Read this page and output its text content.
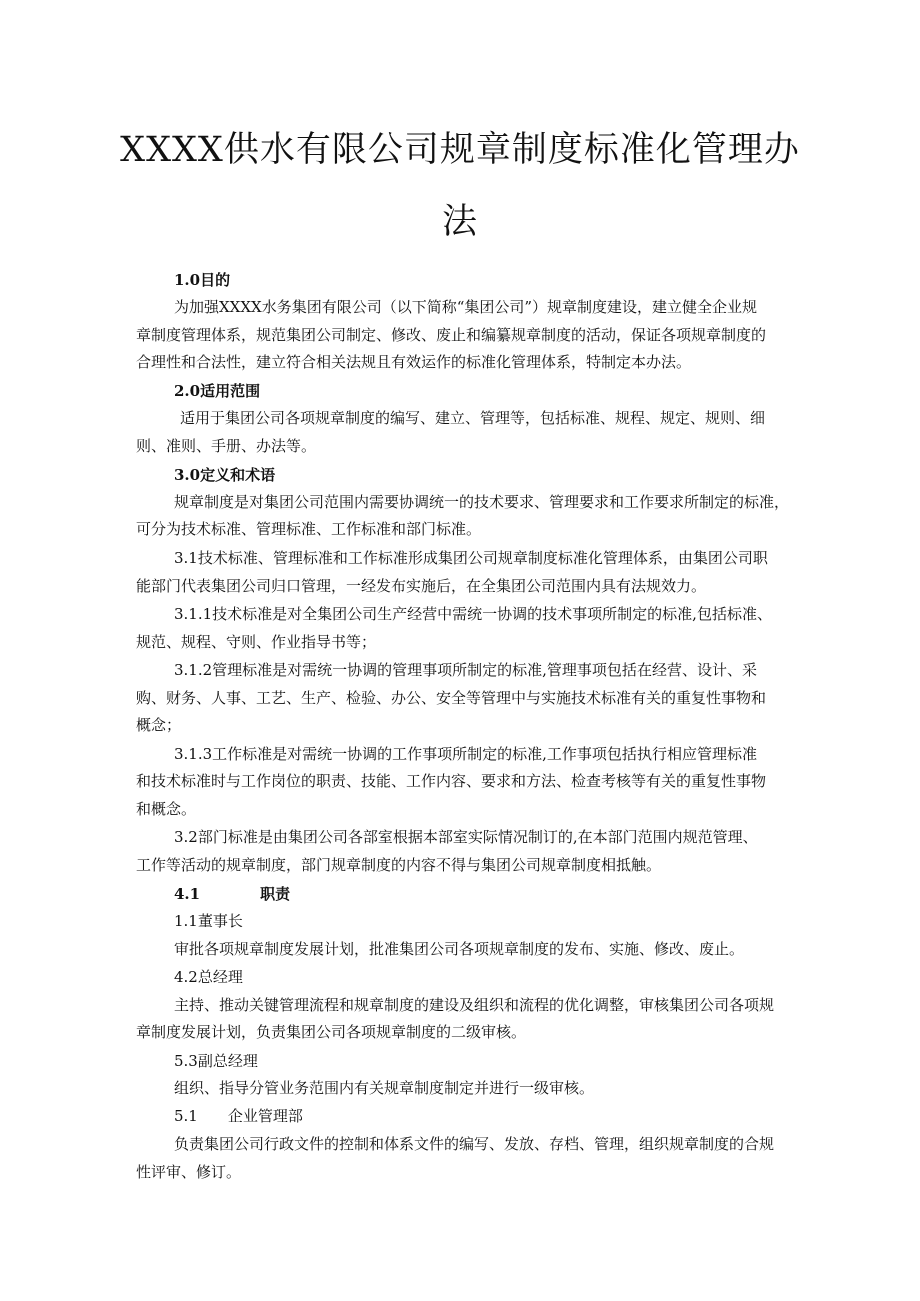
XXXX供水有限公司规章制度标准化管理办
法
1.0目的
为加强XXXX水务集团有限公司（以下简称“集团公司”）规章制度建设，建立健全企业规
章制度管理体系，规范集团公司制定、修改、废止和编纂规章制度的活动，保证各项规章制度的
合理性和合法性，建立符合相关法规且有效运作的标准化管理体系，特制定本办法。
2.0适用范围
适用于集团公司各项规章制度的编写、建立、管理等，包括标准、规程、规定、规则、细
则、准则、手册、办法等。
3.0定义和术语
规章制度是对集团公司范围内需要协调统一的技术要求、管理要求和工作要求所制定的标准，
可分为技术标准、管理标准、工作标准和部门标准。
3.1技术标准、管理标准和工作标准形成集团公司规章制度标准化管理体系，由集团公司职
能部门代表集团公司归口管理，一经发布实施后，在全集团公司范围内具有法规效力。
3.1.1技术标准是对全集团公司生产经营中需统一协调的技术事项所制定的标准,包括标准、
规范、规程、守则、作业指导书等；
3.1.2管理标准是对需统一协调的管理事项所制定的标准,管理事项包括在经营、设计、采
购、财务、人事、工艺、生产、检验、办公、安全等管理中与实施技术标准有关的重复性事物和
概念；
3.1.3工作标准是对需统一协调的工作事项所制定的标准,工作事项包括执行相应管理标准
和技术标准时与工作岗位的职责、技能、工作内容、要求和方法、检查考核等有关的重复性事物
和概念。
3.2部门标准是由集团公司各部室根据本部室实际情况制订的,在本部门范围内规范管理、
工作等活动的规章制度，部门规章制度的内容不得与集团公司规章制度相抵触。
4.1	职责
1.1董事长
审批各项规章制度发展计划，批准集团公司各项规章制度的发布、实施、修改、废止。
4.2总经理
主持、推动关键管理流程和规章制度的建设及组织和流程的优化调整，审核集团公司各项规
章制度发展计划，负责集团公司各项规章制度的二级审核。
5.3副总经理
组织、指导分管业务范围内有关规章制度制定并进行一级审核。
5.1 企业管理部
负责集团公司行政文件的控制和体系文件的编写、发放、存档、管理，组织规章制度的合规
性评审、修订。
